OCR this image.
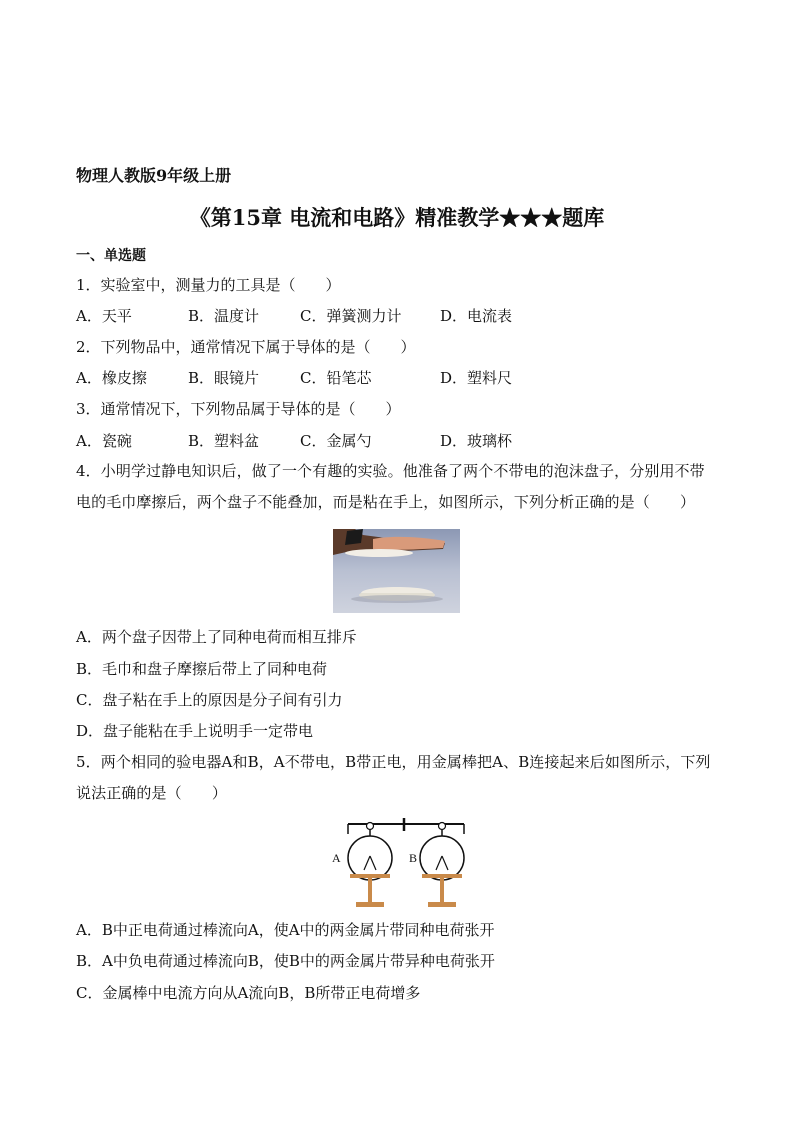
物理人教版9年级上册
《第15章 电流和电路》精准教学★★★题库
一、单选题
1．实验室中，测量力的工具是（　　）
A．天平	B．温度计	C．弹簧测力计	D．电流表
2．下列物品中，通常情况下属于导体的是（　　）
A．橡皮擦	B．眼镜片	C．铅笔芯	D．塑料尺
3．通常情况下，下列物品属于导体的是（　　）
A．瓷碗	B．塑料盆	C．金属勺	D．玻璃杯
4．小明学过静电知识后，做了一个有趣的实验。他准备了两个不带电的泡沫盘子，分别用不带电的毛巾摩擦后，两个盘子不能叠加，而是粘在手上，如图所示，下列分析正确的是（　　）
A．两个盘子因带上了同种电荷而相互排斥
B．毛巾和盘子摩擦后带上了同种电荷
C．盘子粘在手上的原因是分子间有引力
D．盘子能粘在手上说明手一定带电
5．两个相同的验电器A和B，A不带电，B带正电，用金属棒把A、B连接起来后如图所示，下列说法正确的是（　　）
A	B
A．B中正电荷通过棒流向A，使A中的两金属片带同种电荷张开
B．A中负电荷通过棒流向B，使B中的两金属片带异种电荷张开
C．金属棒中电流方向从A流向B，B所带正电荷增多
